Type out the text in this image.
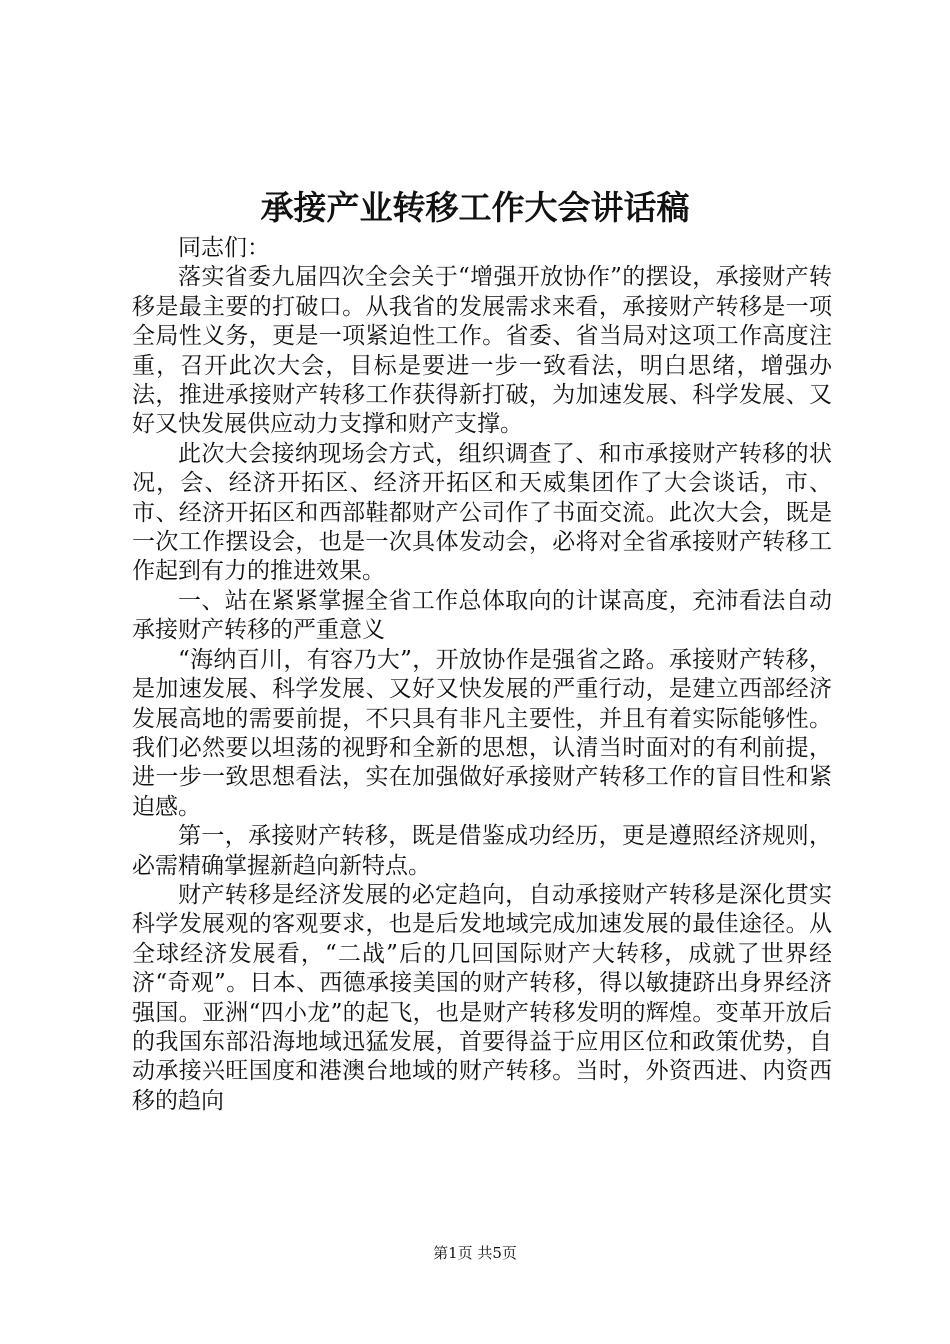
承接产业转移工作大会讲话稿

同志们：

落实省委九届四次全会关于“增强开放协作”的摆设，承接财产转移是最主要的打破口。从我省的发展需求来看，承接财产转移是一项全局性义务，更是一项紧迫性工作。省委、省当局对这项工作高度注重，召开此次大会，目标是要进一步一致看法，明白思绪，增强办法，推进承接财产转移工作获得新打破，为加速发展、科学发展、又好又快发展供应动力支撑和财产支撑。

此次大会接纳现场会方式，组织调查了、和市承接财产转移的状况，会、经济开拓区、经济开拓区和天威集团作了大会谈话，市、市、经济开拓区和西部鞋都财产公司作了书面交流。此次大会，既是一次工作摆设会，也是一次具体发动会，必将对全省承接财产转移工作起到有力的推进效果。

一、站在紧紧掌握全省工作总体取向的计谋高度，充沛看法自动承接财产转移的严重意义

“海纳百川，有容乃大”，开放协作是强省之路。承接财产转移，是加速发展、科学发展、又好又快发展的严重行动，是建立西部经济发展高地的需要前提，不只具有非凡主要性，并且有着实际能够性。我们必然要以坦荡的视野和全新的思想，认清当时面对的有利前提，进一步一致思想看法，实在加强做好承接财产转移工作的盲目性和紧迫感。

第一，承接财产转移，既是借鉴成功经历，更是遵照经济规则，必需精确掌握新趋向新特点。

财产转移是经济发展的必定趋向，自动承接财产转移是深化贯实科学发展观的客观要求，也是后发地域完成加速发展的最佳途径。从全球经济发展看，“二战”后的几回国际财产大转移，成就了世界经济“奇观”。日本、西德承接美国的财产转移，得以敏捷跻出身界经济强国。亚洲“四小龙”的起飞，也是财产转移发明的辉煌。变革开放后的我国东部沿海地域迅猛发展，首要得益于应用区位和政策优势，自动承接兴旺国度和港澳台地域的财产转移。当时，外资西进、内资西移的趋向

第1页 共5页
